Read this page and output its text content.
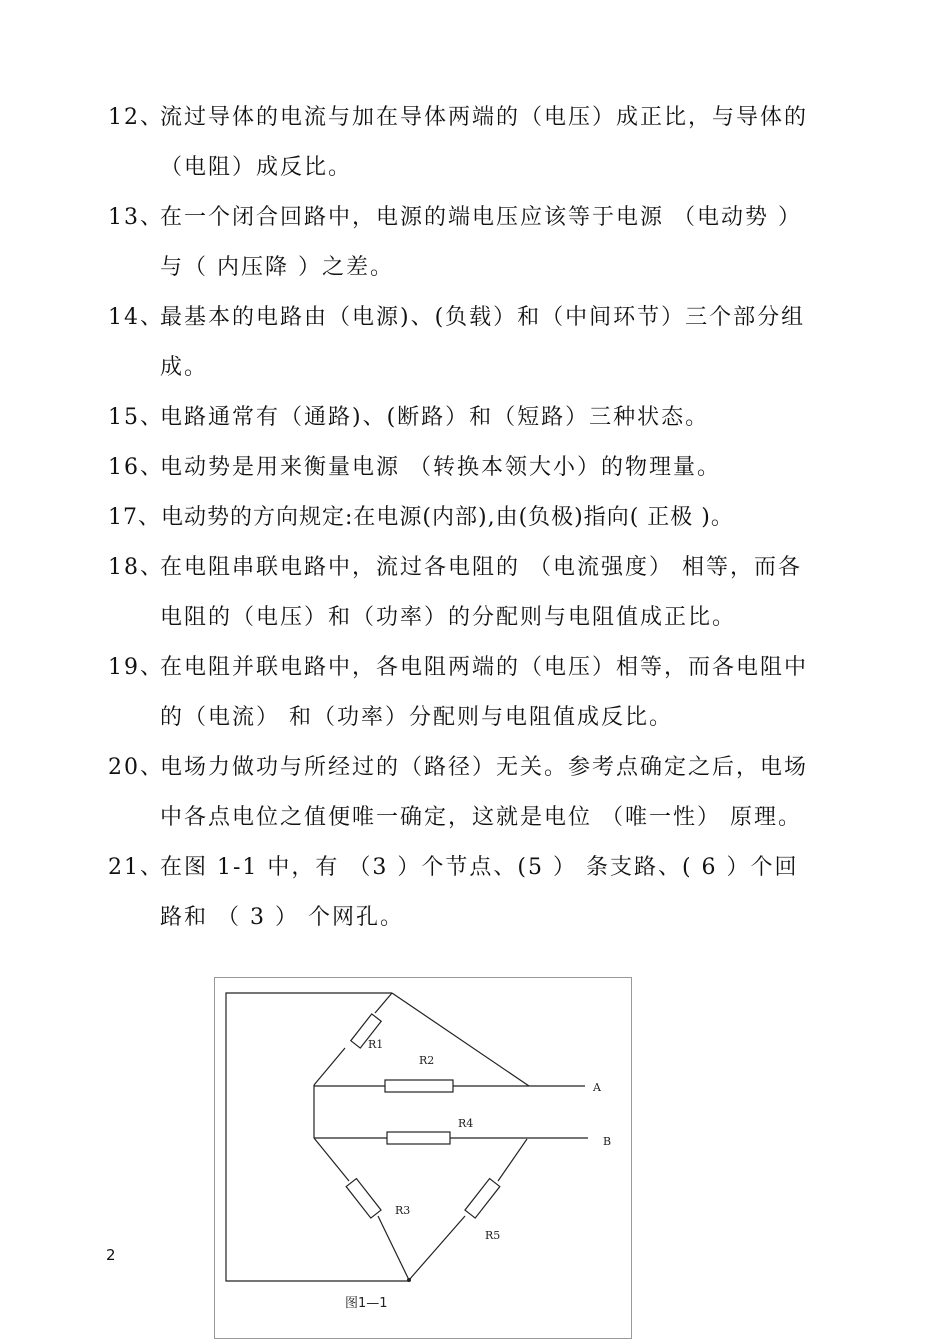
12、
流过导体的电流与加在导体两端的（电压）成正比，与导体的
（电阻）成反比。
13、
在一个闭合回路中，电源的端电压应该等于电源 （电动势 ）
与（ 内压降 ）之差。
14、
最基本的电路由（电源)、(负载）和（中间环节）三个部分组
成。
15、
电路通常有（通路)、(断路）和（短路）三种状态。
16、
电动势是用来衡量电源 （转换本领大小）的物理量。
17、电动势的方向规定:在电源(内部),由(负极)指向( 正极 )。
18、
在电阻串联电路中，流过各电阻的 （电流强度） 相等，而各
电阻的（电压）和（功率）的分配则与电阻值成正比。
19、
在电阻并联电路中，各电阻两端的（电压）相等，而各电阻中
的（电流） 和（功率）分配则与电阻值成反比。
20、
电场力做功与所经过的（路径）无关。参考点确定之后，电场
中各点电位之值便唯一确定，这就是电位 （唯一性） 原理。
21、
在图 1-1 中，有 （3 ）个节点、(5 ） 条支路、( 6 ）个回
路和 （ 3 ） 个网孔。
R1
R2
R4
R3
R5
A
B
图1—1
2
